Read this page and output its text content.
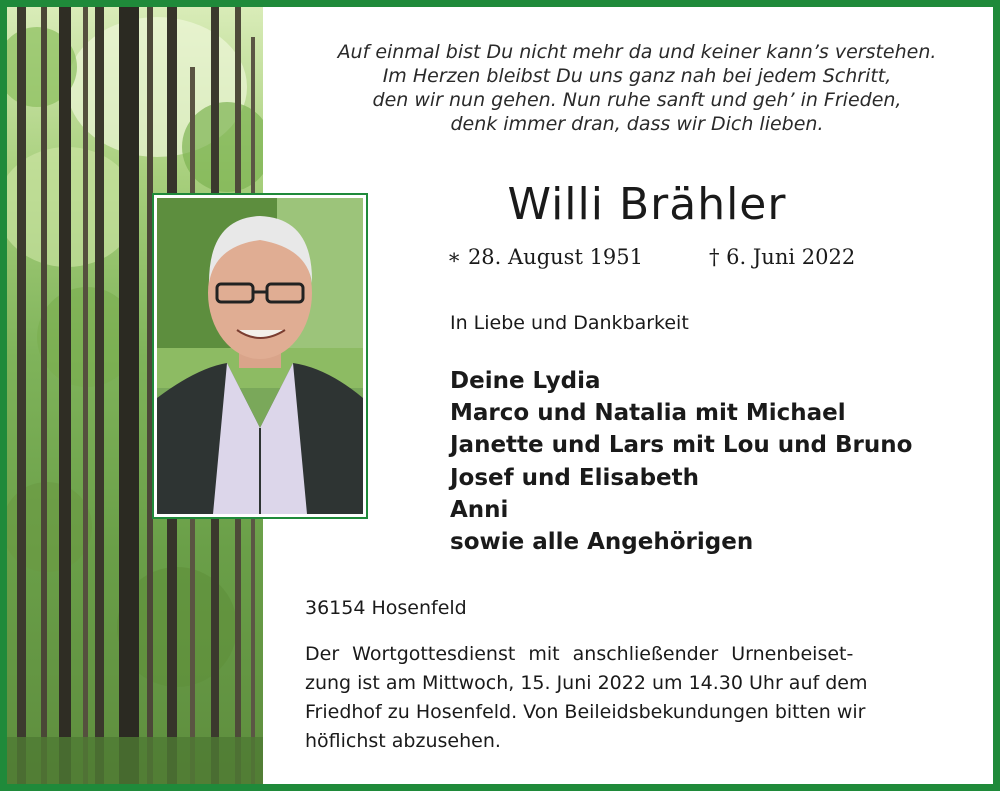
Auf einmal bist Du nicht mehr da und keiner kann’s verstehen.
Im Herzen bleibst Du uns ganz nah bei jedem Schritt,
den wir nun gehen. Nun ruhe sanft und geh’ in Frieden,
denk immer dran, dass wir Dich lieben.
Willi Brähler
∗ 28. August 1951	† 6. Juni 2022
In Liebe und Dankbarkeit
Deine Lydia
Marco und Natalia mit Michael
Janette und Lars mit Lou und Bruno
Josef und Elisabeth
Anni
sowie alle Angehörigen
36154 Hosenfeld
Der Wortgottesdienst mit anschließender Urnenbeiset-
zung ist am Mittwoch, 15. Juni 2022 um 14.30 Uhr auf dem
Friedhof zu Hosenfeld. Von Beileidsbekundungen bitten wir
höflichst abzusehen.
